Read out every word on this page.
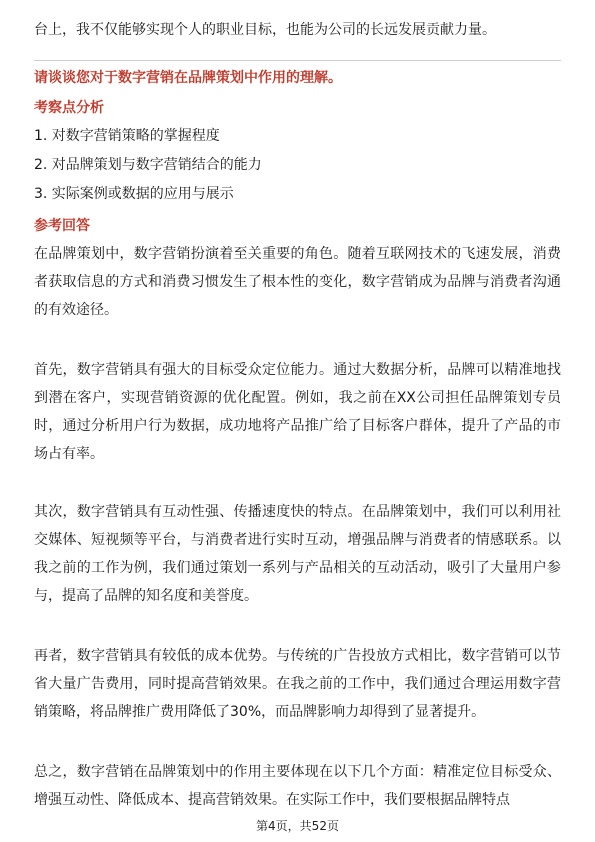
台上，我不仅能够实现个人的职业目标，也能为公司的长远发展贡献力量。
请谈谈您对于数字营销在品牌策划中作用的理解。
考察点分析
1. 对数字营销策略的掌握程度
2. 对品牌策划与数字营销结合的能力
3. 实际案例或数据的应用与展示
参考回答
在品牌策划中，数字营销扮演着至关重要的角色。随着互联网技术的飞速发展，消费者获取信息的方式和消费习惯发生了根本性的变化，数字营销成为品牌与消费者沟通的有效途径。
首先，数字营销具有强大的目标受众定位能力。通过大数据分析，品牌可以精准地找到潜在客户，实现营销资源的优化配置。例如，我之前在XX公司担任品牌策划专员时，通过分析用户行为数据，成功地将产品推广给了目标客户群体，提升了产品的市场占有率。
其次，数字营销具有互动性强、传播速度快的特点。在品牌策划中，我们可以利用社交媒体、短视频等平台，与消费者进行实时互动，增强品牌与消费者的情感联系。以我之前的工作为例，我们通过策划一系列与产品相关的互动活动，吸引了大量用户参与，提高了品牌的知名度和美誉度。
再者，数字营销具有较低的成本优势。与传统的广告投放方式相比，数字营销可以节省大量广告费用，同时提高营销效果。在我之前的工作中，我们通过合理运用数字营销策略，将品牌推广费用降低了30%，而品牌影响力却得到了显著提升。
总之，数字营销在品牌策划中的作用主要体现在以下几个方面：精准定位目标受众、增强互动性、降低成本、提高营销效果。在实际工作中，我们要根据品牌特点
第4页，共52页
